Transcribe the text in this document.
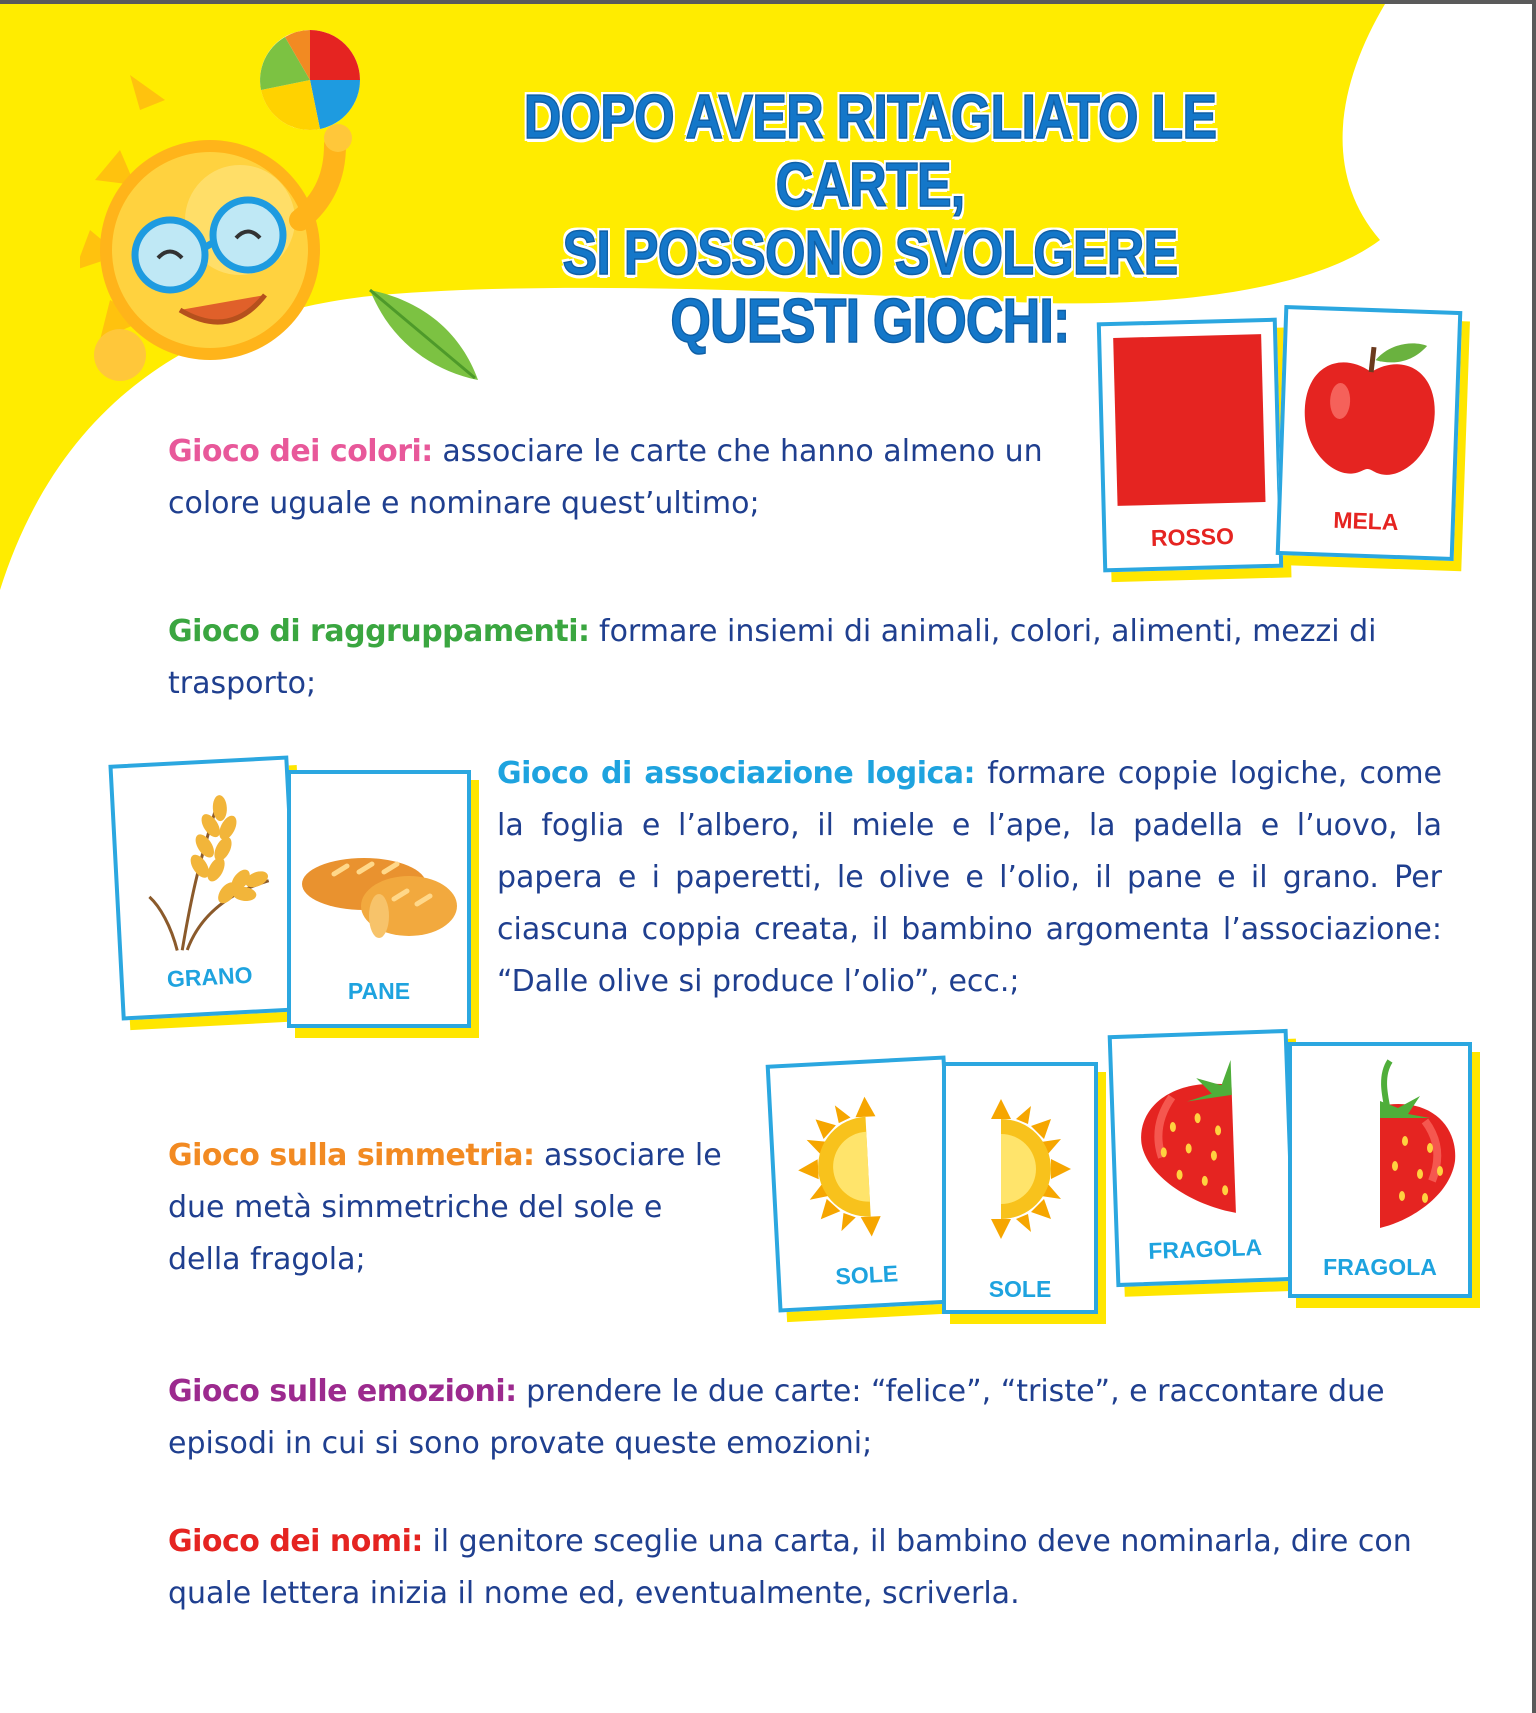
DOPO AVER RITAGLIATO LE CARTE,
SI POSSONO SVOLGERE
QUESTI GIOCHI:

Gioco dei colori: associare le carte che hanno almeno un colore uguale e nominare quest’ultimo;

Gioco di raggruppamenti: formare insiemi di animali, colori, alimenti, mezzi di trasporto;

Gioco di associazione logica: formare coppie logiche, come la foglia e l’albero, il miele e l’ape, la padella e l’uovo, la papera e i paperetti, le olive e l’olio, il pane e il grano. Per ciascuna coppia creata, il bambino argomenta l’associazione: “Dalle olive si produce l’olio”, ecc.;

Gioco sulla simmetria: associare le due metà simmetriche del sole e della fragola;

Gioco sulle emozioni: prendere le due carte: “felice”, “triste”, e raccontare due episodi in cui si sono provate queste emozioni;

Gioco dei nomi: il genitore sceglie una carta, il bambino deve nominarla, dire con quale lettera inizia il nome ed, eventualmente, scriverla.

ROSSO
MELA
GRANO	PANE
SOLE	SOLE
FRAGOLA
FRAGOLA
